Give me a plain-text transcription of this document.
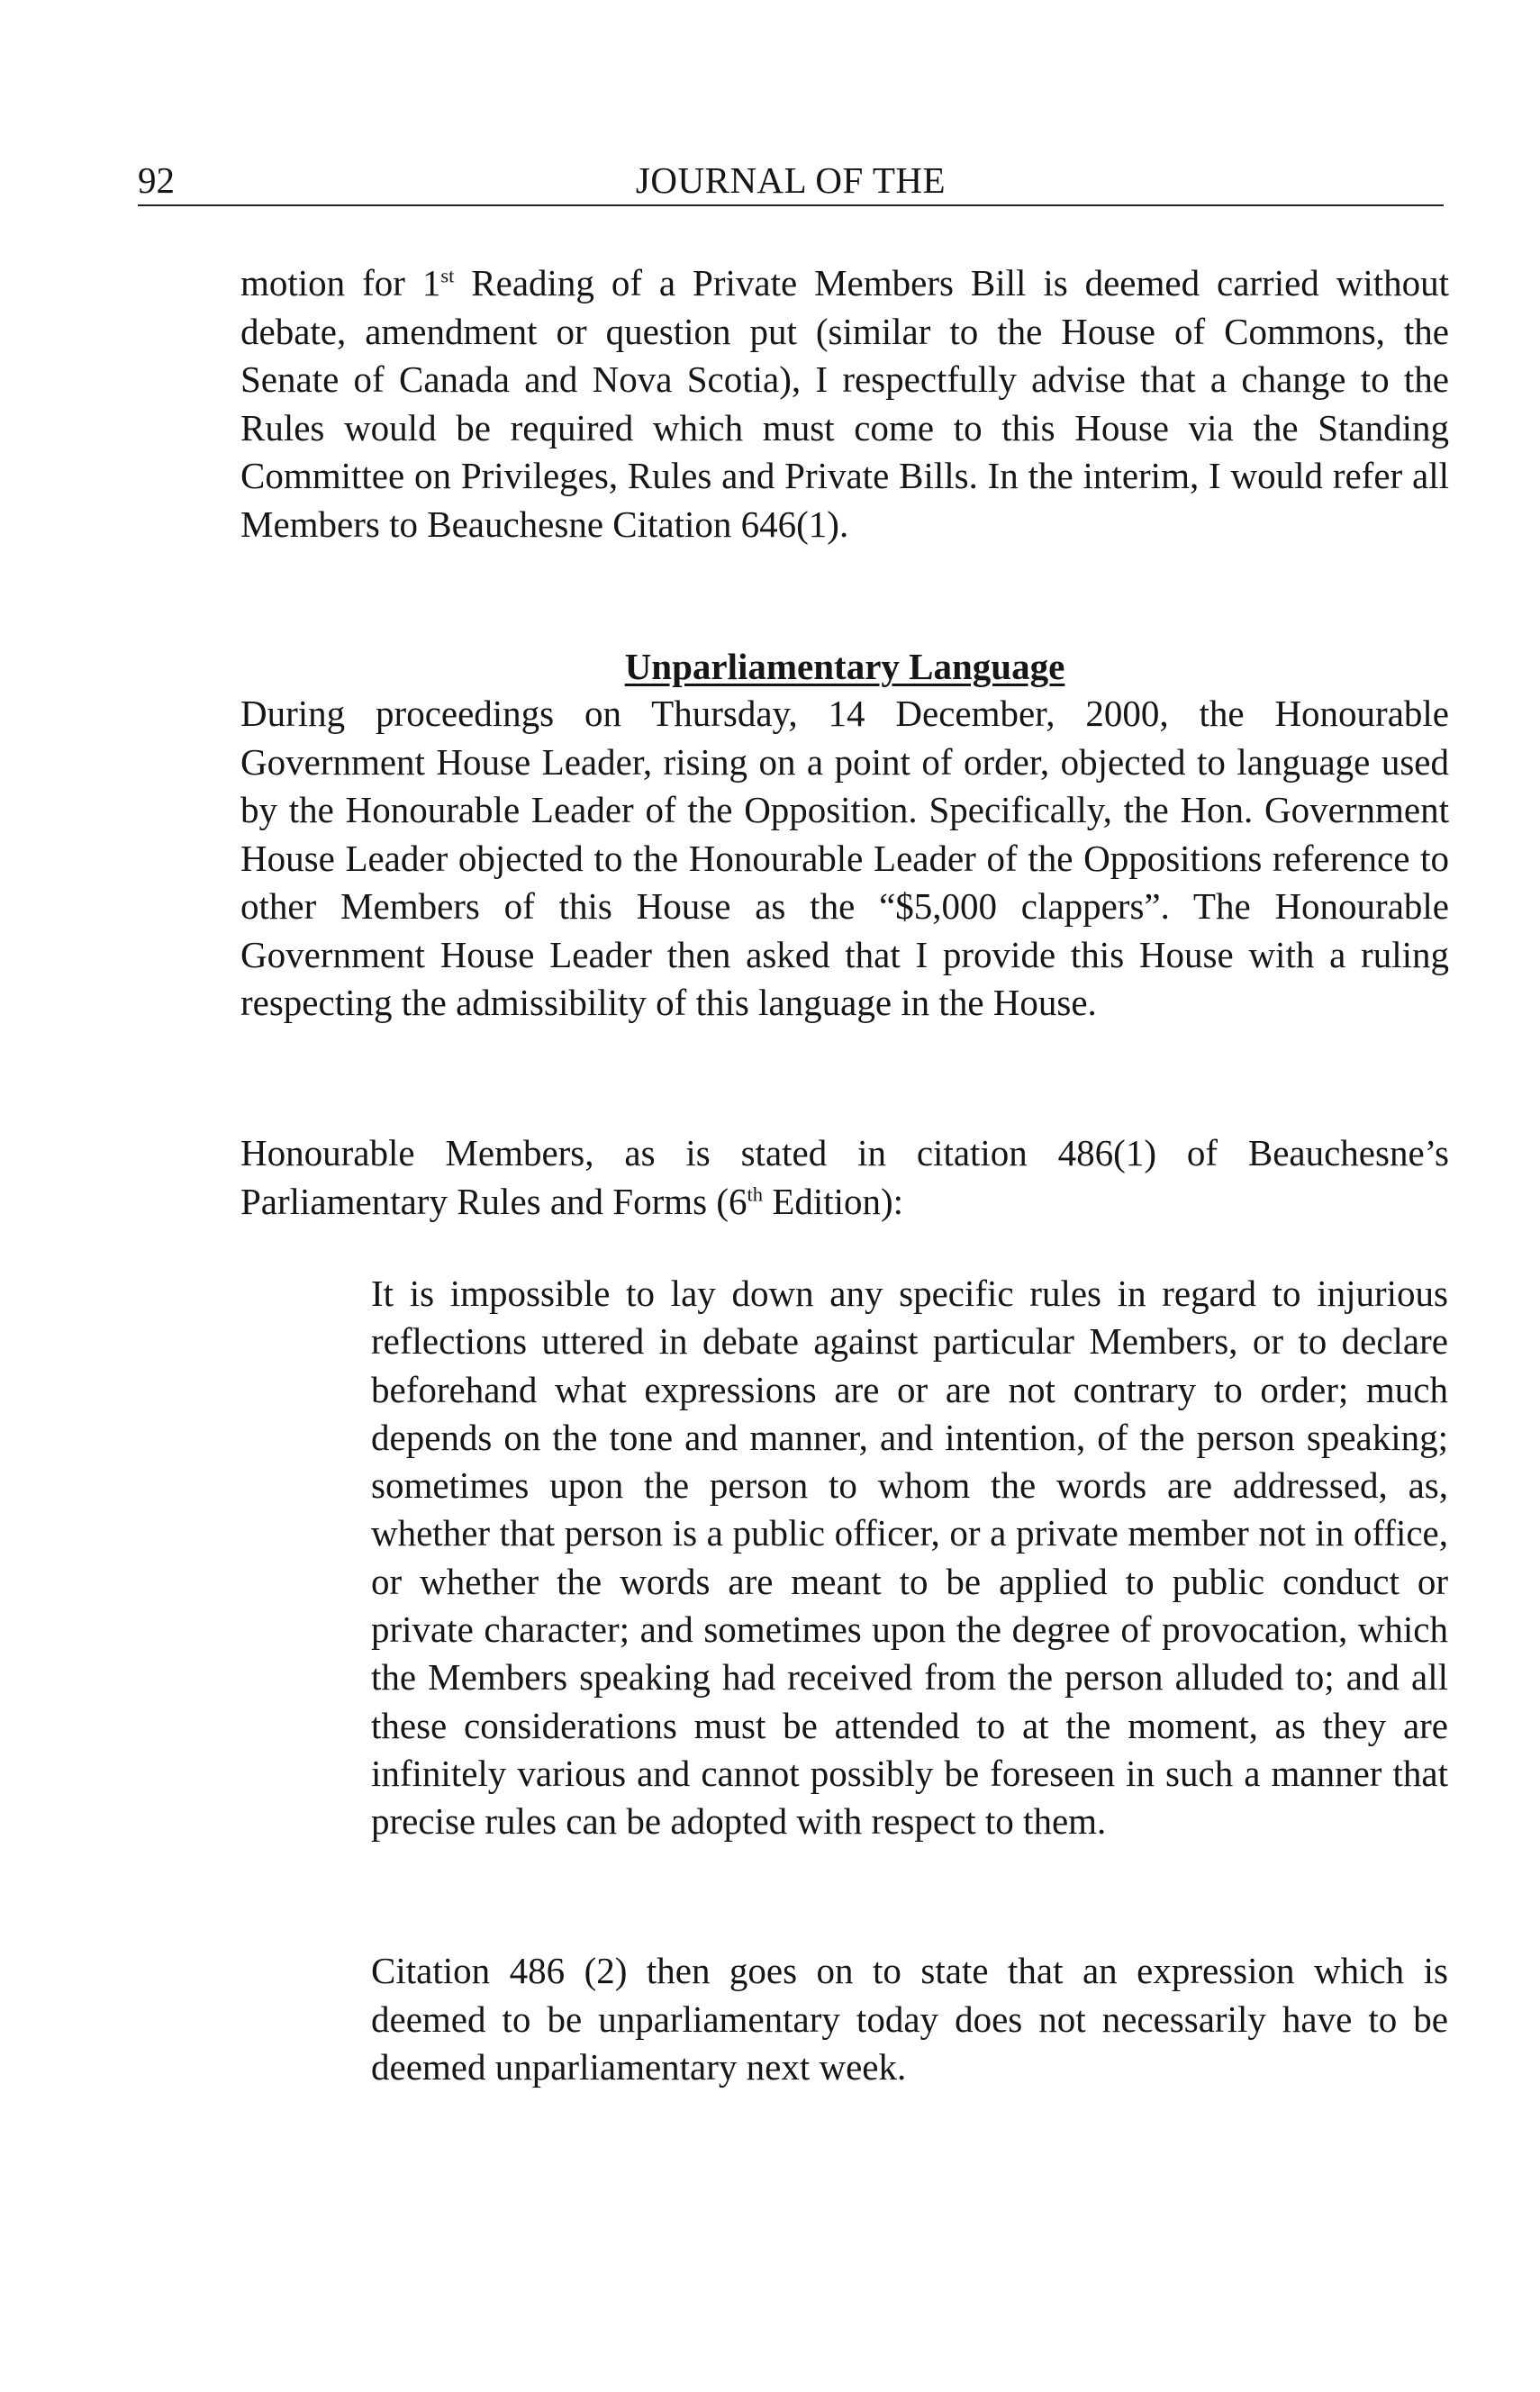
92	JOURNAL OF THE

motion for 1st Reading of a Private Members Bill is deemed carried without debate, amendment or question put (similar to the House of Commons, the Senate of Canada and Nova Scotia), I respectfully advise that a change to the Rules would be required which must come to this House via the Standing Committee on Privileges, Rules and Private Bills. In the interim, I would refer all Members to Beauchesne Citation 646(1).

Unparliamentary Language

During proceedings on Thursday, 14 December, 2000, the Honourable Government House Leader, rising on a point of order, objected to language used by the Honourable Leader of the Opposition. Specifically, the Hon. Government House Leader objected to the Honourable Leader of the Oppositions reference to other Members of this House as the “$5,000 clappers”. The Honourable Government House Leader then asked that I provide this House with a ruling respecting the admissibility of this language in the House.

Honourable Members, as is stated in citation 486(1) of Beauchesne’s Parliamentary Rules and Forms (6th Edition):

It is impossible to lay down any specific rules in regard to injurious reflections uttered in debate against particular Members, or to declare beforehand what expressions are or are not contrary to order; much depends on the tone and manner, and intention, of the person speaking; sometimes upon the person to whom the words are addressed, as, whether that person is a public officer, or a private member not in office, or whether the words are meant to be applied to public conduct or private character; and sometimes upon the degree of provocation, which the Members speaking had received from the person alluded to; and all these considerations must be attended to at the moment, as they are infinitely various and cannot possibly be foreseen in such a manner that precise rules can be adopted with respect to them.

Citation 486 (2) then goes on to state that an expression which is deemed to be unparliamentary today does not necessarily have to be deemed unparliamentary next week.
